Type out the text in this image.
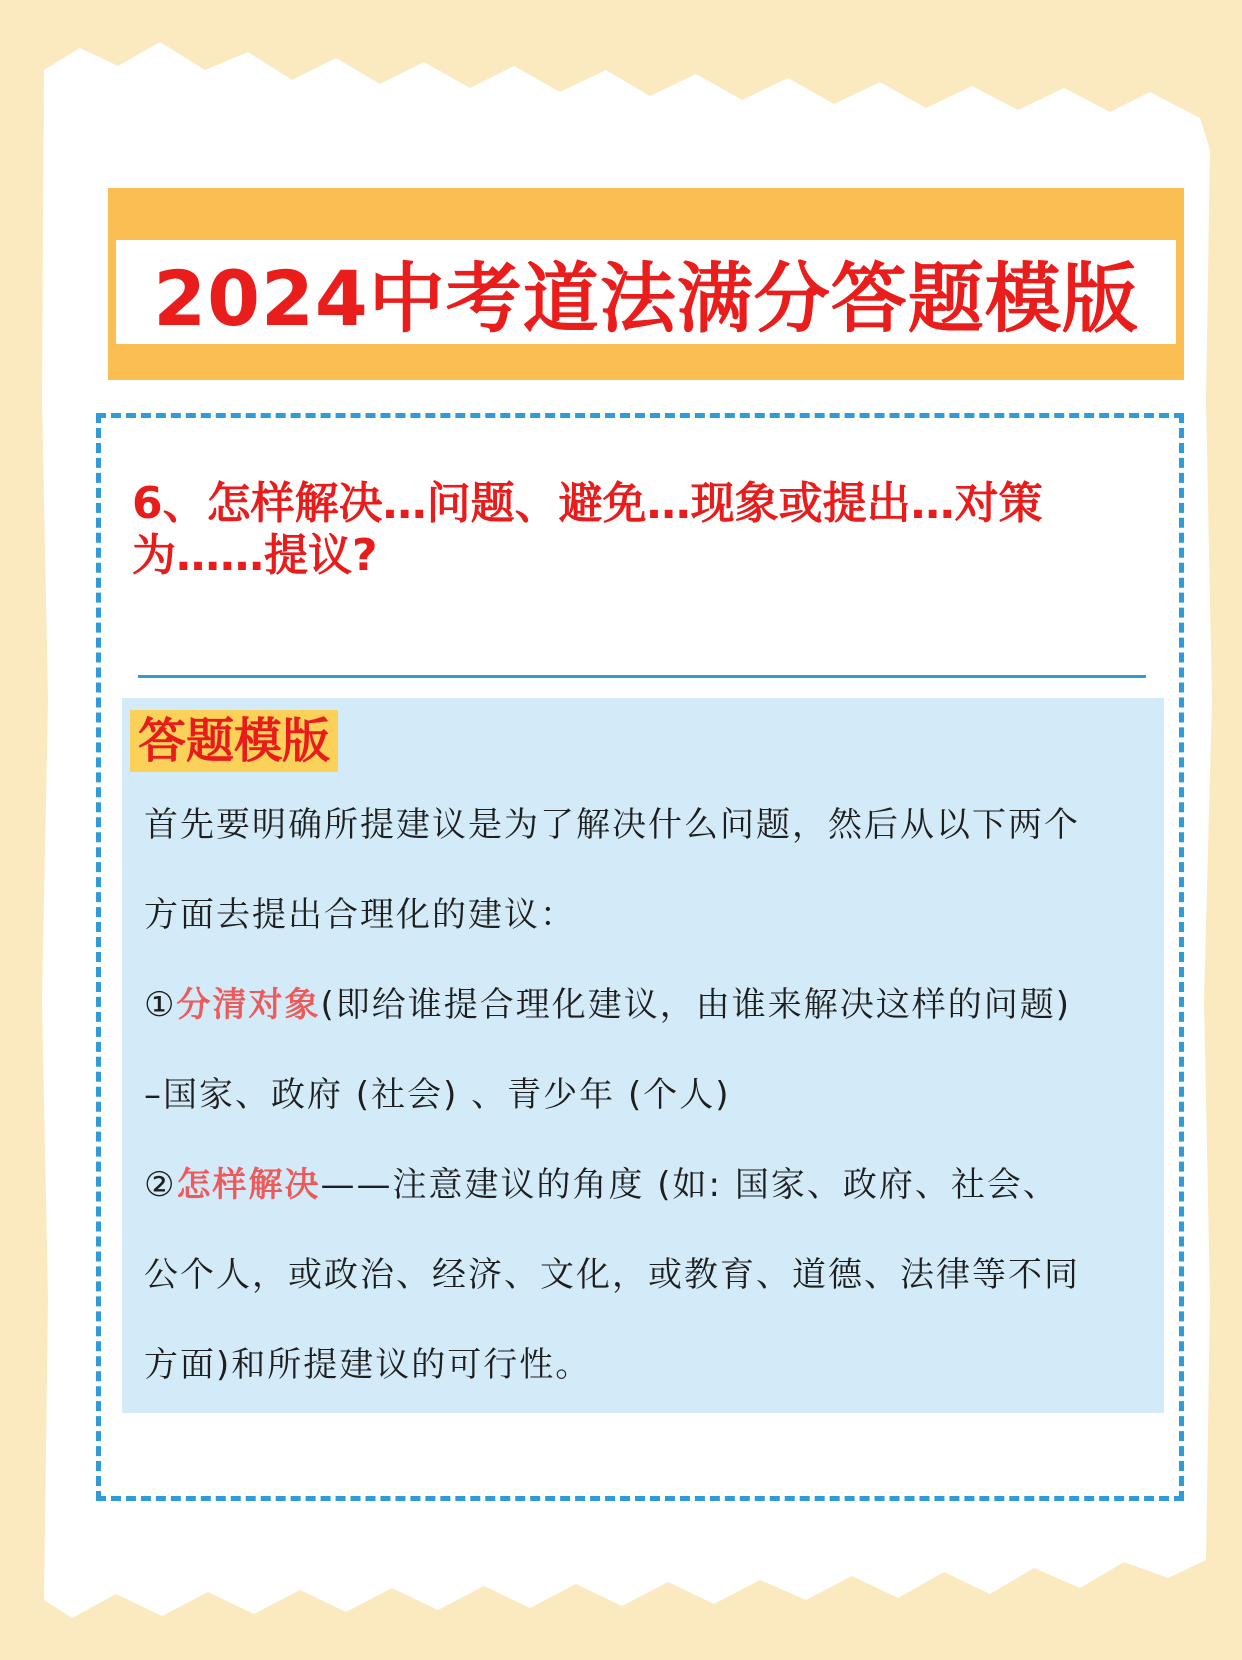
2024中考道法满分答题模版

6、怎样解决…问题、避免…现象或提出…对策为……提议?

答题模版
首先要明确所提建议是为了解决什么问题，然后从以下两个
方面去提出合理化的建议：
①分清对象(即给谁提合理化建议，由谁来解决这样的问题)
–国家、政府 (社会) 、青少年 (个人)
②怎样解决——注意建议的角度 (如: 国家、政府、社会、
公个人，或政治、经济、文化，或教育、道德、法律等不同
方面)和所提建议的可行性。
